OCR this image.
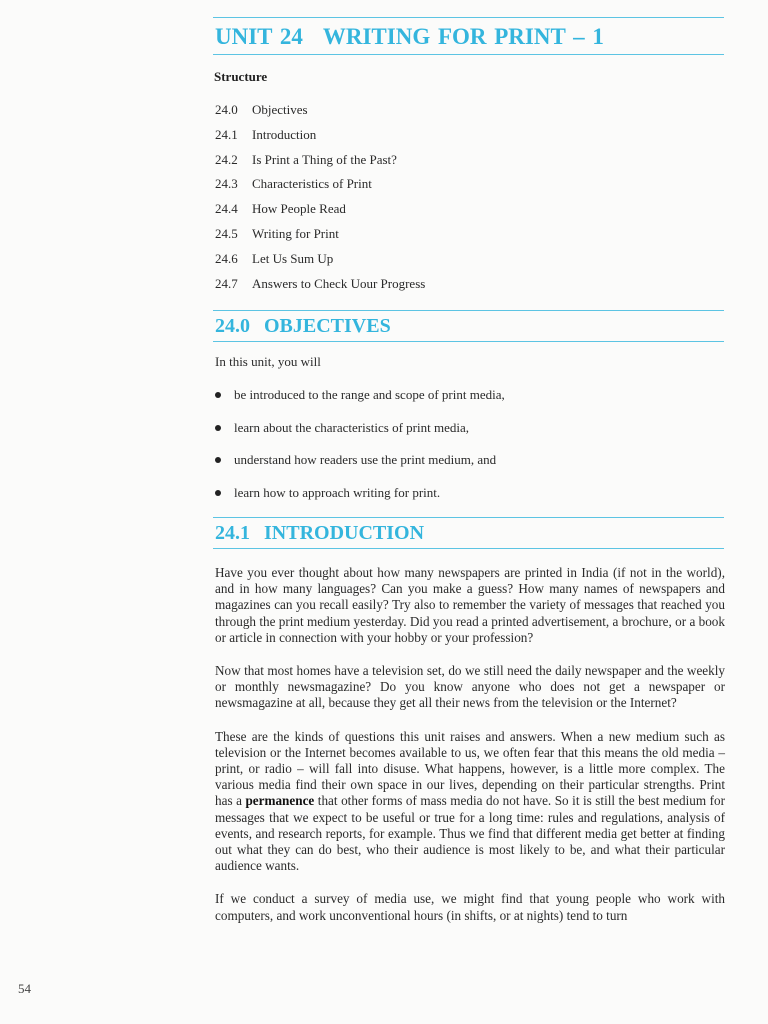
UNIT 24 WRITING FOR PRINT – 1
Structure
24.0 Objectives
24.1 Introduction
24.2 Is Print a Thing of the Past?
24.3 Characteristics of Print
24.4 How People Read
24.5 Writing for Print
24.6 Let Us Sum Up
24.7 Answers to Check Uour Progress
24.0 OBJECTIVES
In this unit, you will
be introduced to the range and scope of print media,
learn about the characteristics of print media,
understand how readers use the print medium, and
learn how to approach writing for print.
24.1 INTRODUCTION

Have you ever thought about how many newspapers are printed in India (if not in the world), and in how many languages? Can you make a guess? How many names of newspapers and magazines can you recall easily? Try also to remember the variety of messages that reached you through the print medium yesterday. Did you read a printed advertisement, a brochure, or a book or article in connection with your hobby or your profession?

Now that most homes have a television set, do we still need the daily newspaper and the weekly or monthly newsmagazine? Do you know anyone who does not get a newspaper or newsmagazine at all, because they get all their news from the television or the Internet?

These are the kinds of questions this unit raises and answers. When a new medium such as television or the Internet becomes available to us, we often fear that this means the old media – print, or radio – will fall into disuse. What happens, however, is a little more complex. The various media find their own space in our lives, depending on their particular strengths. Print has a permanence that other forms of mass media do not have. So it is still the best medium for messages that we expect to be useful or true for a long time: rules and regulations, analysis of events, and research reports, for example. Thus we find that different media get better at finding out what they can do best, who their audience is most likely to be, and what their particular audience wants.

If we conduct a survey of media use, we might find that young people who work with computers, and work unconventional hours (in shifts, or at nights) tend to turn

54
